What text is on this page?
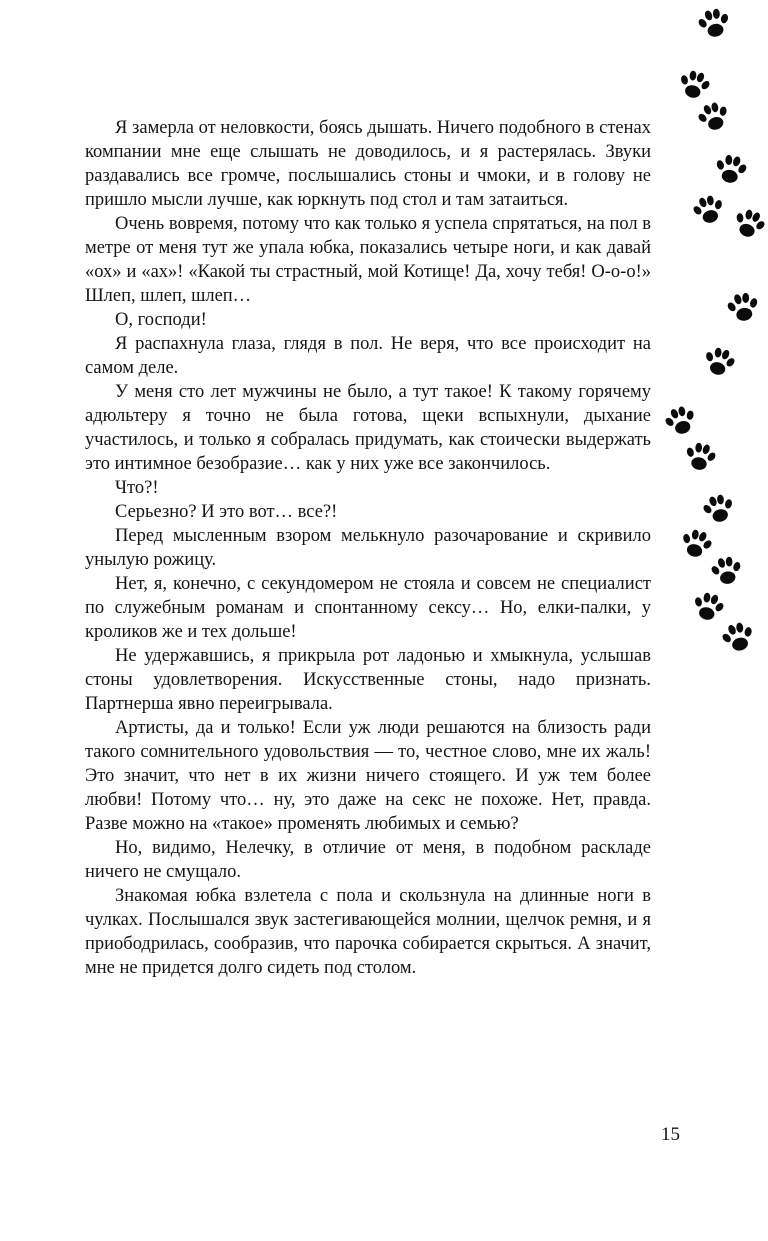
Я замерла от неловкости, боясь дышать. Ничего подобного в стенах компании мне еще слышать не доводилось, и я растерялась. Звуки раздавались все громче, послышались стоны и чмоки, и в голову не пришло мысли лучше, как юркнуть под стол и там затаиться.

Очень вовремя, потому что как только я успела спрятаться, на пол в метре от меня тут же упала юбка, показались четыре ноги, и как давай «ох» и «ах»! «Какой ты страстный, мой Котище! Да, хочу тебя! О-о-о!» Шлеп, шлеп, шлеп…

О, господи!

Я распахнула глаза, глядя в пол. Не веря, что все происходит на самом деле.

У меня сто лет мужчины не было, а тут такое! К такому горячему адюльтеру я точно не была готова, щеки вспыхнули, дыхание участилось, и только я собралась придумать, как стоически выдержать это интимное безобразие… как у них уже все закончилось.

Что?!

Серьезно? И это вот… все?!

Перед мысленным взором мелькнуло разочарование и скривило унылую рожицу.

Нет, я, конечно, с секундомером не стояла и совсем не специалист по служебным романам и спонтанному сексу… Но, елки-палки, у кроликов же и тех дольше!

Не удержавшись, я прикрыла рот ладонью и хмыкнула, услышав стоны удовлетворения. Искусственные стоны, надо признать. Партнерша явно переигрывала.

Артисты, да и только! Если уж люди решаются на близость ради такого сомнительного удовольствия — то, честное слово, мне их жаль! Это значит, что нет в их жизни ничего стоящего. И уж тем более любви! Потому что… ну, это даже на секс не похоже. Нет, правда. Разве можно на «такое» променять любимых и семью?

Но, видимо, Нелечку, в отличие от меня, в подобном раскладе ничего не смущало.

Знакомая юбка взлетела с пола и скользнула на длинные ноги в чулках. Послышался звук застегивающейся молнии, щелчок ремня, и я приободрилась, сообразив, что парочка собирается скрыться. А значит, мне не придется долго сидеть под столом.

15
